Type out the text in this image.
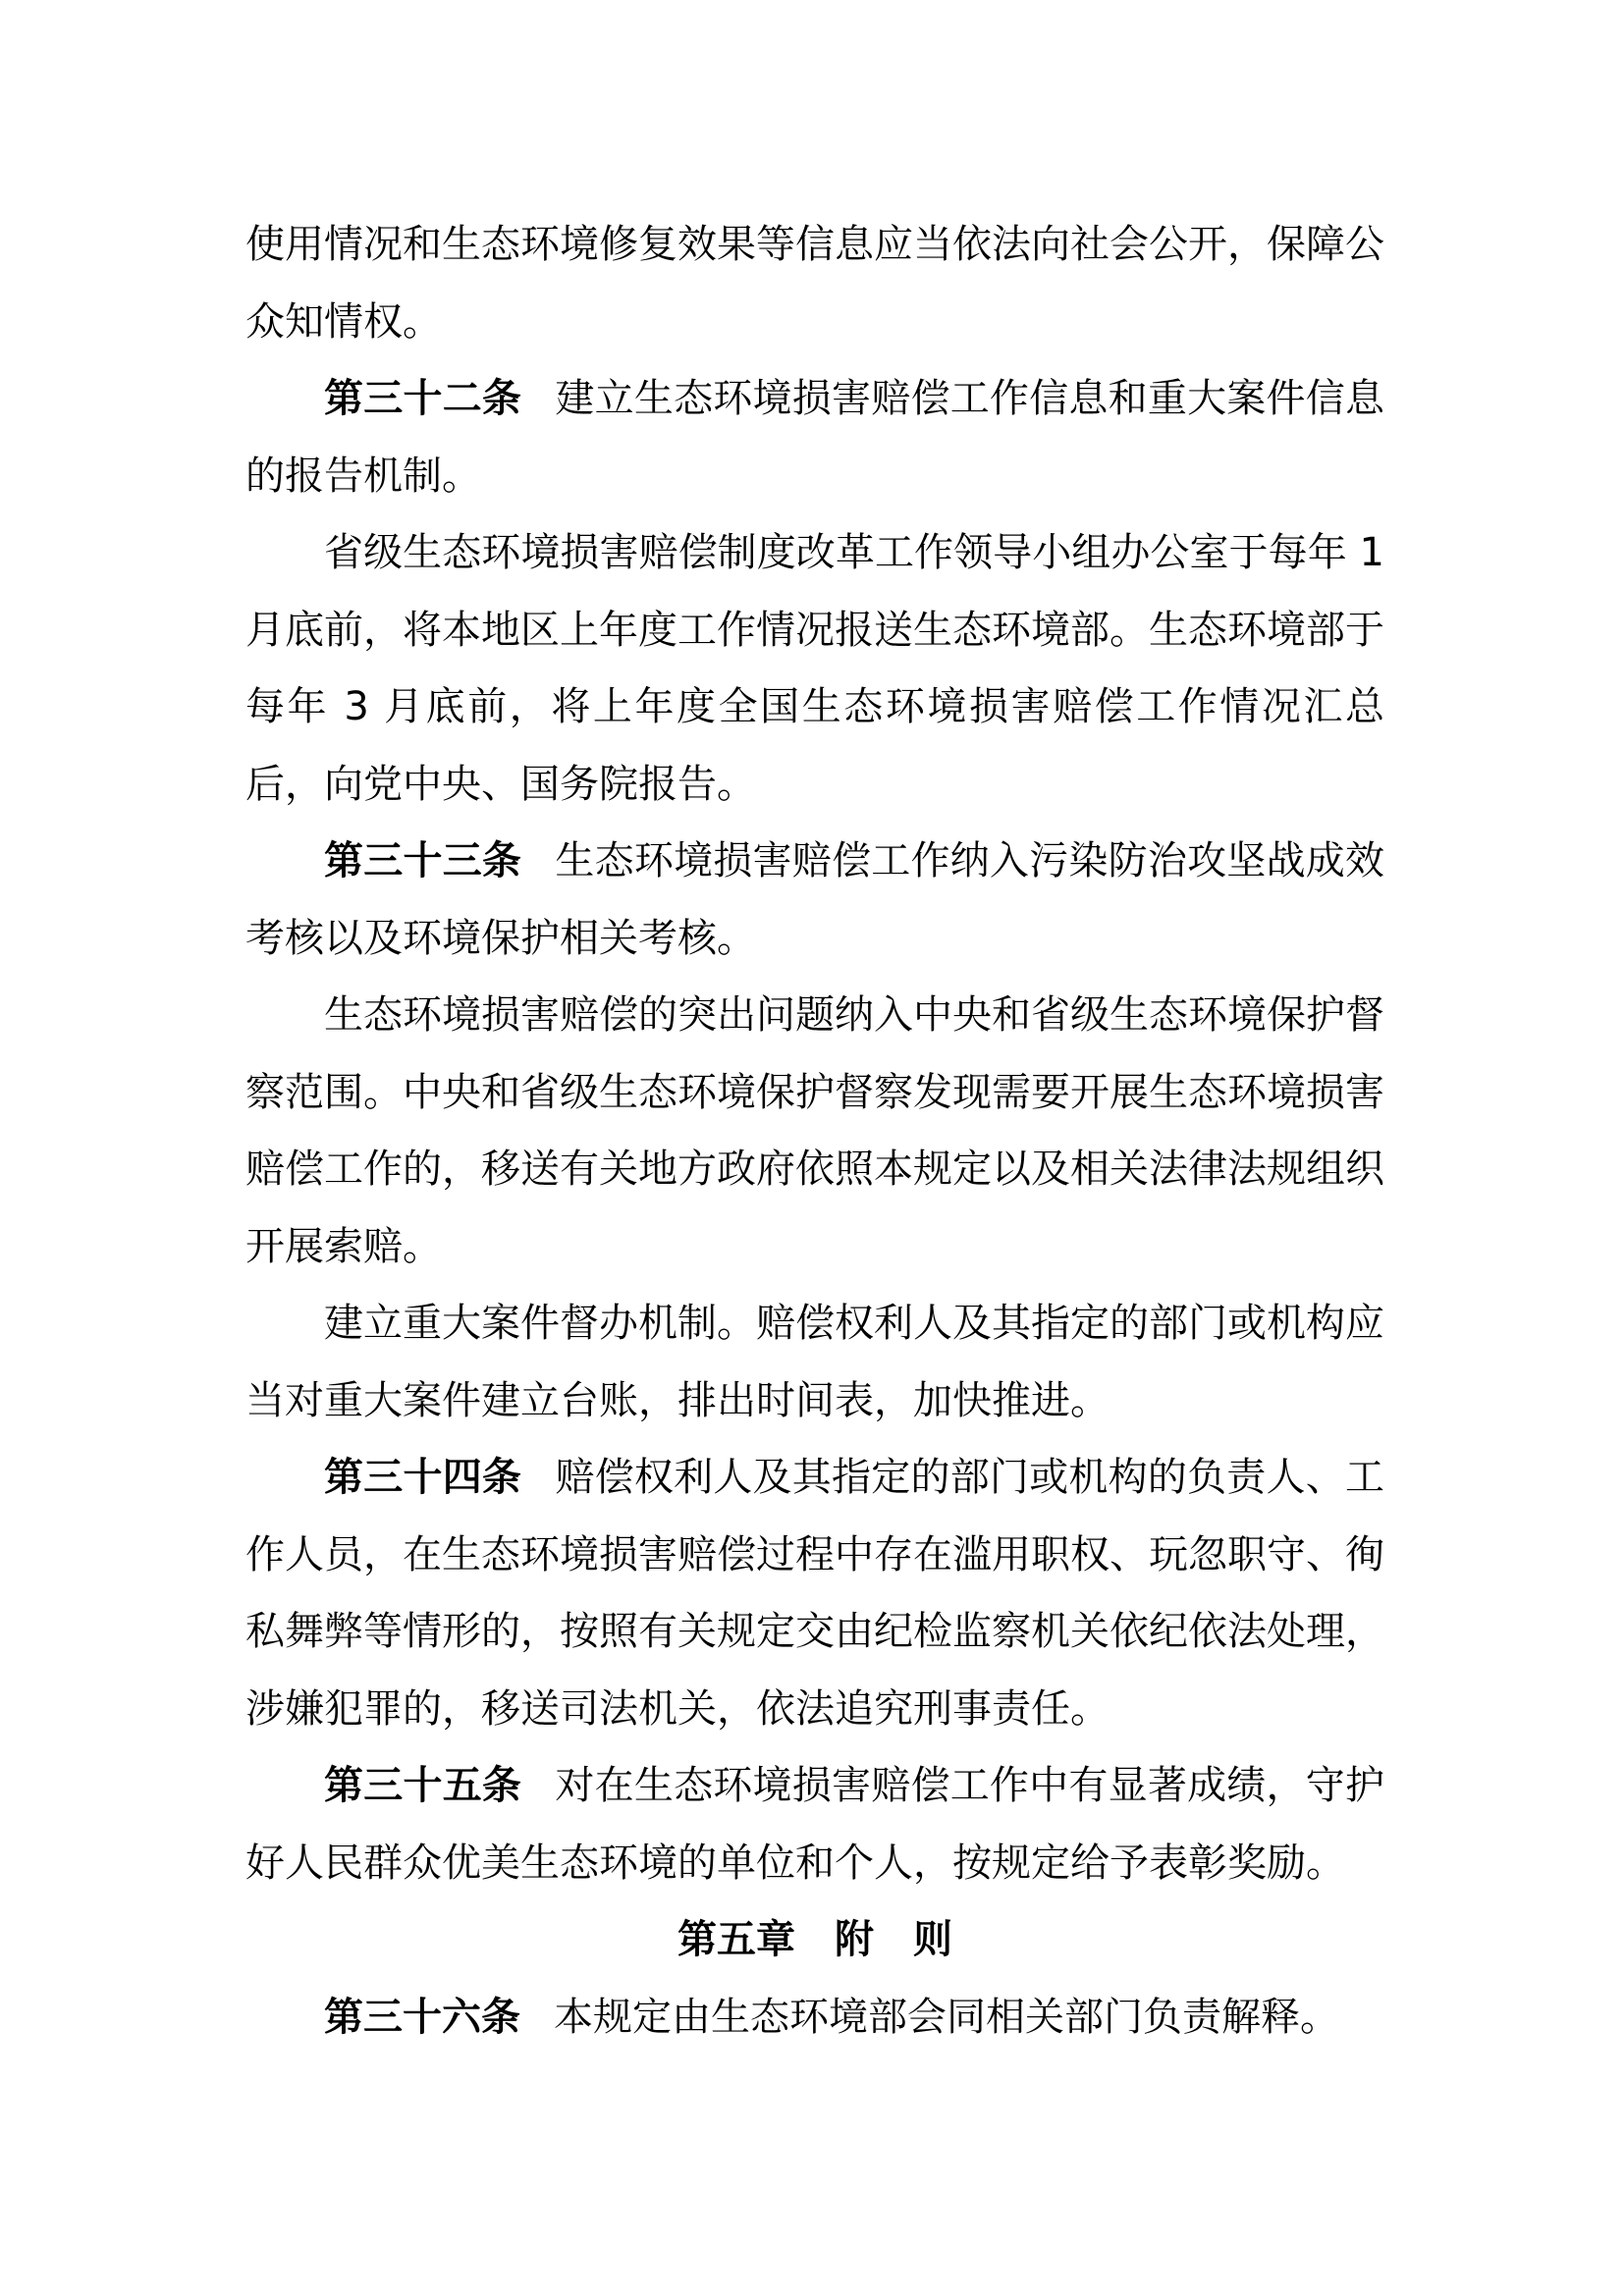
使用情况和生态环境修复效果等信息应当依法向社会公开，保障公众知情权。

第三十二条 建立生态环境损害赔偿工作信息和重大案件信息的报告机制。

省级生态环境损害赔偿制度改革工作领导小组办公室于每年 1 月底前，将本地区上年度工作情况报送生态环境部。生态环境部于每年 3 月底前，将上年度全国生态环境损害赔偿工作情况汇总后，向党中央、国务院报告。

第三十三条 生态环境损害赔偿工作纳入污染防治攻坚战成效考核以及环境保护相关考核。

生态环境损害赔偿的突出问题纳入中央和省级生态环境保护督察范围。中央和省级生态环境保护督察发现需要开展生态环境损害赔偿工作的，移送有关地方政府依照本规定以及相关法律法规组织开展索赔。

建立重大案件督办机制。赔偿权利人及其指定的部门或机构应当对重大案件建立台账，排出时间表，加快推进。

第三十四条 赔偿权利人及其指定的部门或机构的负责人、工作人员，在生态环境损害赔偿过程中存在滥用职权、玩忽职守、徇私舞弊等情形的，按照有关规定交由纪检监察机关依纪依法处理，涉嫌犯罪的，移送司法机关，依法追究刑事责任。

第三十五条 对在生态环境损害赔偿工作中有显著成绩，守护好人民群众优美生态环境的单位和个人，按规定给予表彰奖励。

第五章 附　则

第三十六条 本规定由生态环境部会同相关部门负责解释。
